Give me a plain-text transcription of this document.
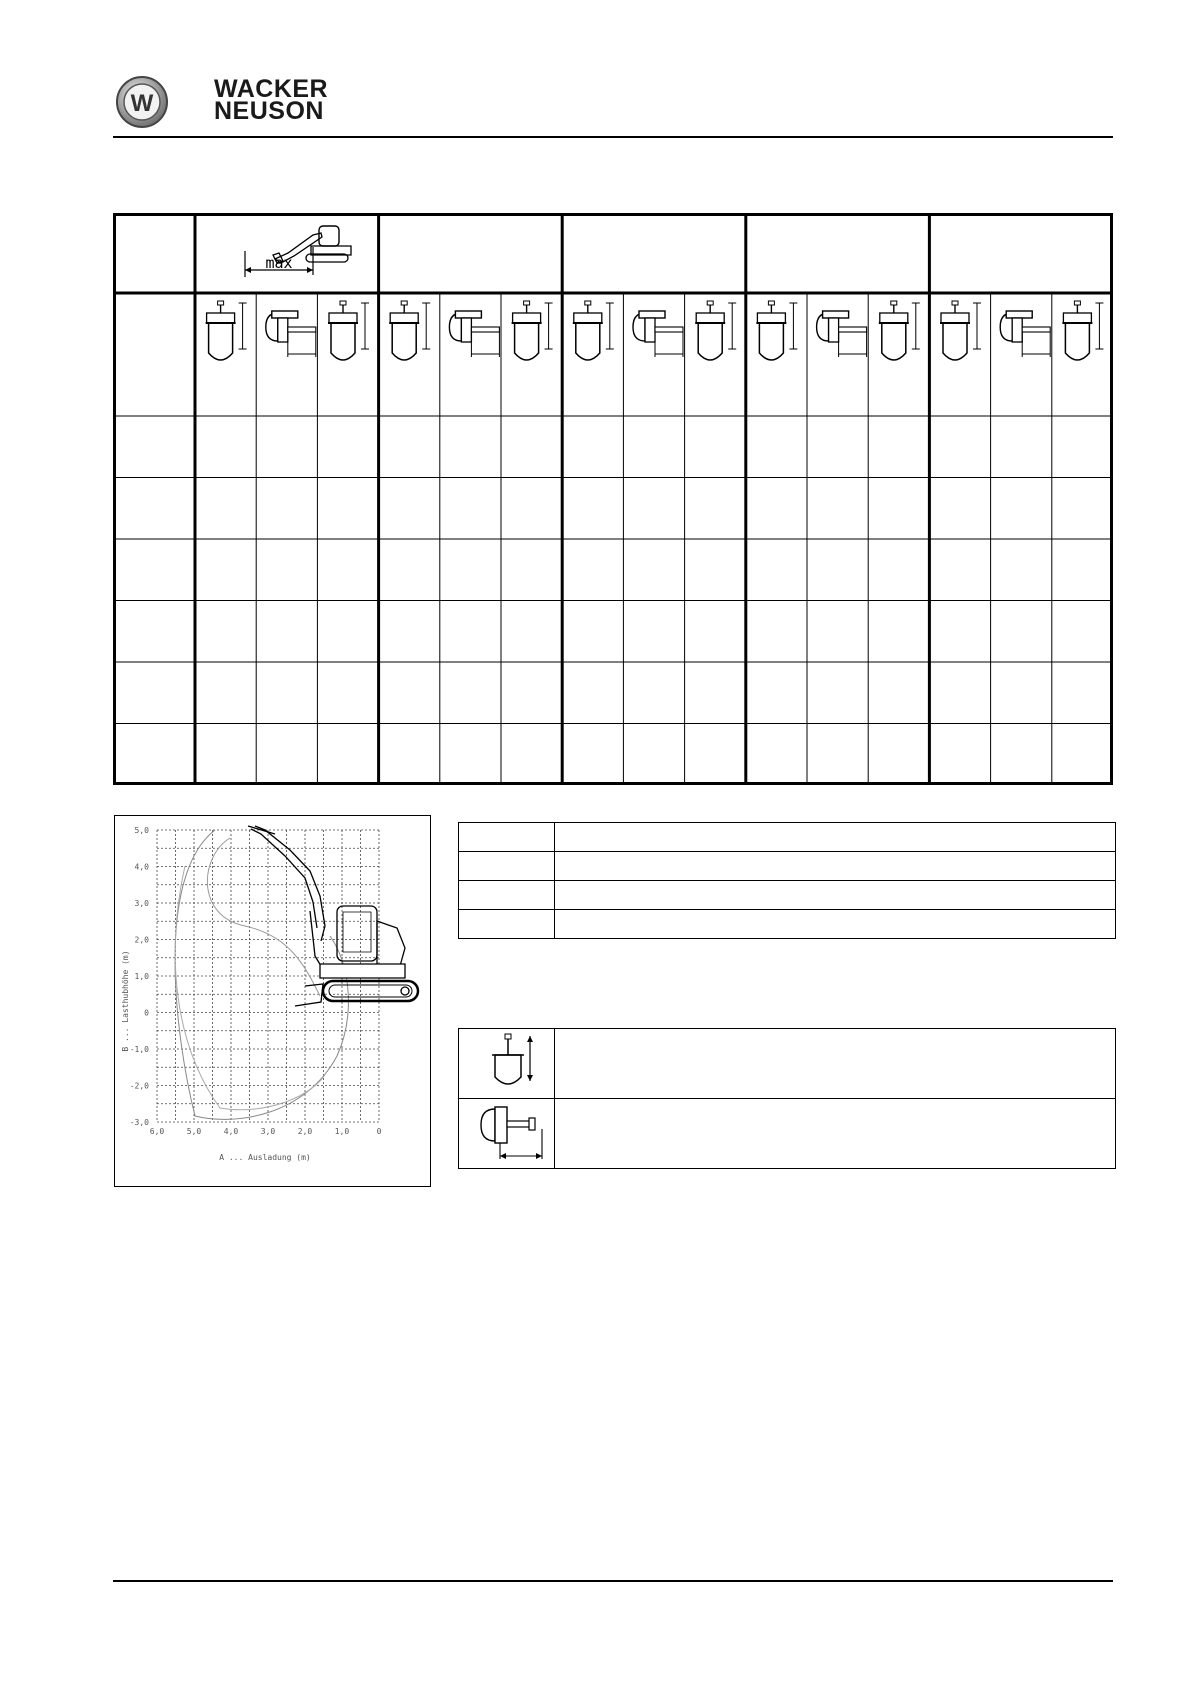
W
WACKER
NEUSON
max
5,0
4,0
3,0
2,0
1,0
0
-1,0
-2,0
-3,0
6,0	5,0	4,0	3,0	2,0	1,0	0
B ... Lasthubhöhe (m)
A ... Ausladung (m)
